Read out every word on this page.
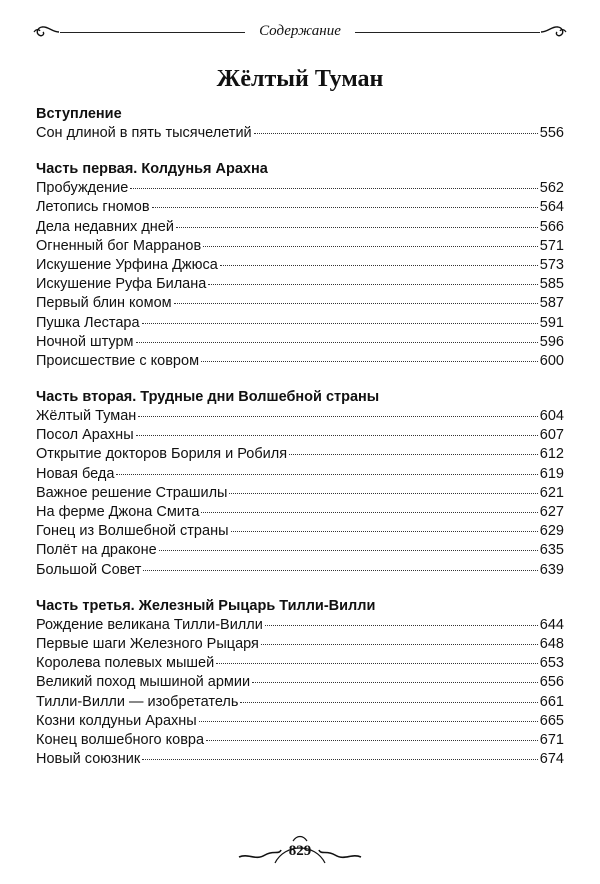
Содержание
Жёлтый Туман
Вступление
Сон длиной в пять тысячелетий	556
Часть первая. Колдунья Арахна
Пробуждение	562
Летопись гномов	564
Дела недавних дней	566
Огненный бог Марранов	571
Искушение Урфина Джюса	573
Искушение Руфа Билана	585
Первый блин комом	587
Пушка Лестара	591
Ночной штурм	596
Происшествие с ковром	600
Часть вторая. Трудные дни Волшебной страны
Жёлтый Туман	604
Посол Арахны	607
Открытие докторов Бориля и Робиля	612
Новая беда	619
Важное решение Страшилы	621
На ферме Джона Смита	627
Гонец из Волшебной страны	629
Полёт на драконе	635
Большой Совет	639
Часть третья. Железный Рыцарь Тилли-Вилли
Рождение великана Тилли-Вилли	644
Первые шаги Железного Рыцаря	648
Королева полевых мышей	653
Великий поход мышиной армии	656
Тилли-Вилли — изобретатель	661
Козни колдуньи Арахны	665
Конец волшебного ковра	671
Новый союзник	674
829
